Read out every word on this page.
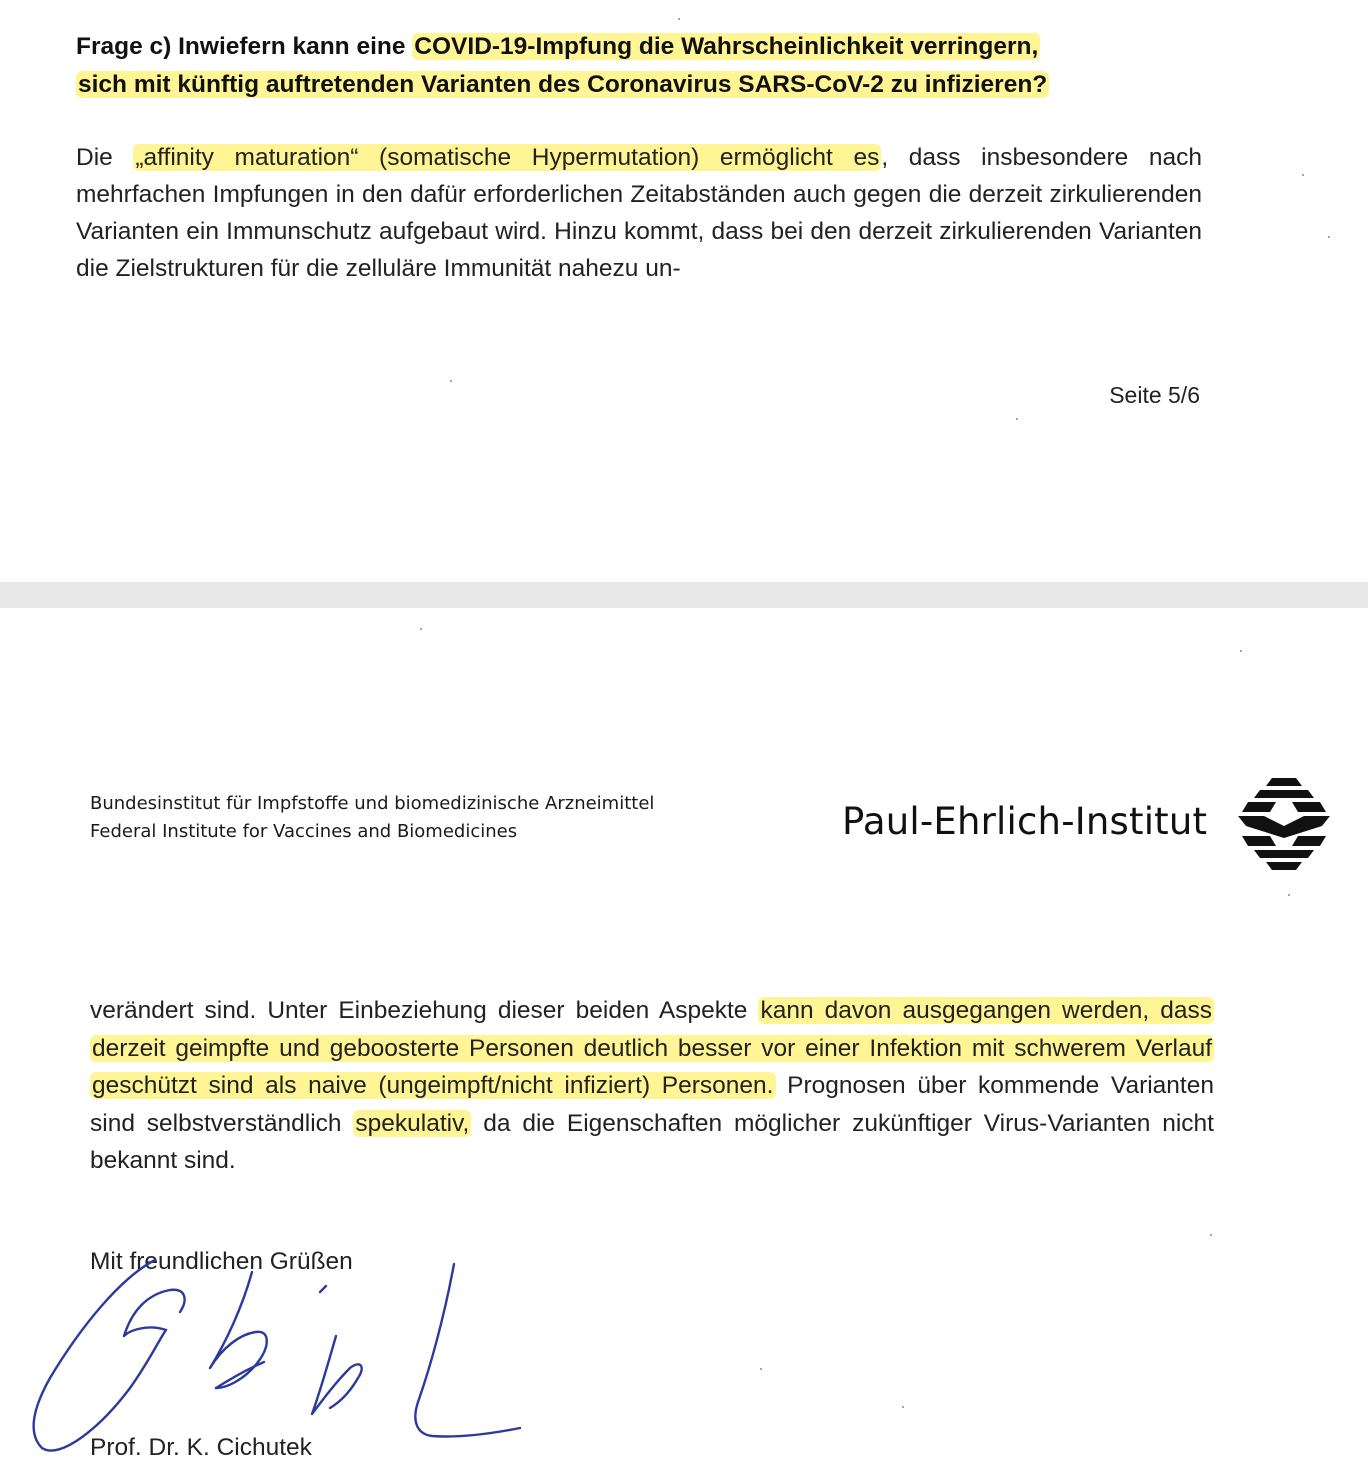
Frage c) Inwiefern kann eine COVID-19-Impfung die Wahrscheinlichkeit verringern,
sich mit künftig auftretenden Varianten des Coronavirus SARS-CoV-2 zu infizieren?
Die „affinity maturation“ (somatische Hypermutation) ermöglicht es, dass insbesondere nach mehrfachen Impfungen in den dafür erforderlichen Zeitabständen auch gegen die derzeit zirkulierenden Varianten ein Immunschutz aufgebaut wird. Hinzu kommt, dass bei den derzeit zirkulierenden Varianten die Zielstrukturen für die zelluläre Immunität nahezu un-
Seite 5/6
Bundesinstitut für Impfstoffe und biomedizinische Arzneimittel
Federal Institute for Vaccines and Biomedicines	Paul-Ehrlich-Institut
verändert sind. Unter Einbeziehung dieser beiden Aspekte kann davon ausgegangen werden, dass derzeit geimpfte und geboosterte Personen deutlich besser vor einer Infektion mit schwerem Verlauf geschützt sind als naive (ungeimpft/nicht infiziert) Personen. Prognosen über kommende Varianten sind selbstverständlich spekulativ, da die Eigenschaften möglicher zukünftiger Virus-Varianten nicht bekannt sind.
Mit freundlichen Grüßen
Prof. Dr. K. Cichutek
